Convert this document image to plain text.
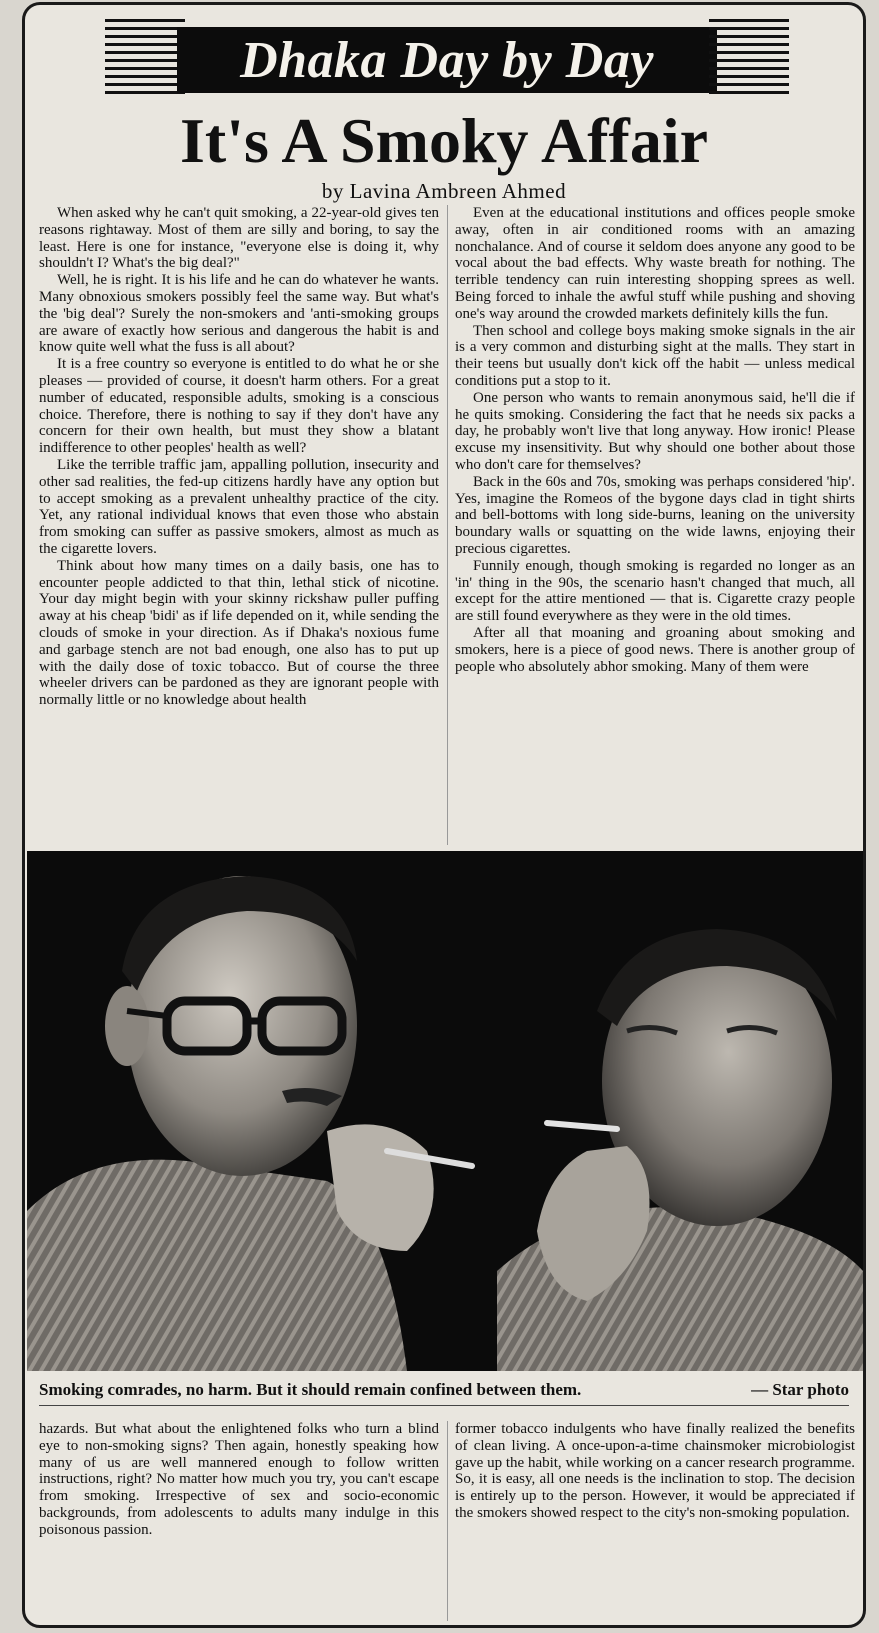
Dhaka Day by Day
It's A Smoky Affair
by Lavina Ambreen Ahmed

When asked why he can't quit smoking, a 22-year-old gives ten reasons rightaway. Most of them are silly and boring, to say the least. Here is one for instance, "everyone else is doing it, why shouldn't I? What's the big deal?"

Well, he is right. It is his life and he can do whatever he wants. Many obnoxious smokers possibly feel the same way. But what's the 'big deal'? Surely the non-smokers and 'anti-smoking groups are aware of exactly how serious and dangerous the habit is and know quite well what the fuss is all about?

It is a free country so everyone is entitled to do what he or she pleases — provided of course, it doesn't harm others. For a great number of educated, responsible adults, smoking is a conscious choice. Therefore, there is nothing to say if they don't have any concern for their own health, but must they show a blatant indifference to other peoples' health as well?

Like the terrible traffic jam, appalling pollution, insecurity and other sad realities, the fed-up citizens hardly have any option but to accept smoking as a prevalent unhealthy practice of the city. Yet, any rational individual knows that even those who abstain from smoking can suffer as passive smokers, almost as much as the cigarette lovers.

Think about how many times on a daily basis, one has to encounter people addicted to that thin, lethal stick of nicotine. Your day might begin with your skinny rickshaw puller puffing away at his cheap 'bidi' as if life depended on it, while sending the clouds of smoke in your direction. As if Dhaka's noxious fume and garbage stench are not bad enough, one also has to put up with the daily dose of toxic tobacco. But of course the three wheeler drivers can be pardoned as they are ignorant people with normally little or no knowledge about health

Even at the educational institutions and offices people smoke away, often in air conditioned rooms with an amazing nonchalance. And of course it seldom does anyone any good to be vocal about the bad effects. Why waste breath for nothing. The terrible tendency can ruin interesting shopping sprees as well. Being forced to inhale the awful stuff while pushing and shoving one's way around the crowded markets definitely kills the fun.

Then school and college boys making smoke signals in the air is a very common and disturbing sight at the malls. They start in their teens but usually don't kick off the habit — unless medical conditions put a stop to it.

One person who wants to remain anonymous said, he'll die if he quits smoking. Considering the fact that he needs six packs a day, he probably won't live that long anyway. How ironic! Please excuse my insensitivity. But why should one bother about those who don't care for themselves?

Back in the 60s and 70s, smoking was perhaps considered 'hip'. Yes, imagine the Romeos of the bygone days clad in tight shirts and bell-bottoms with long side-burns, leaning on the university boundary walls or squatting on the wide lawns, enjoying their precious cigarettes.

Funnily enough, though smoking is regarded no longer as an 'in' thing in the 90s, the scenario hasn't changed that much, all except for the attire mentioned — that is. Cigarette crazy people are still found everywhere as they were in the old times.

After all that moaning and groaning about smoking and smokers, here is a piece of good news. There is another group of people who absolutely abhor smoking. Many of them were

Smoking comrades, no harm. But it should remain confined between them.	— Star photo

hazards. But what about the enlightened folks who turn a blind eye to non-smoking signs? Then again, honestly speaking how many of us are well mannered enough to follow written instructions, right? No matter how much you try, you can't escape from smoking. Irrespective of sex and socio-economic backgrounds, from adolescents to adults many indulge in this poisonous passion.

former tobacco indulgents who have finally realized the benefits of clean living. A once-upon-a-time chainsmoker microbiologist gave up the habit, while working on a cancer research programme. So, it is easy, all one needs is the inclination to stop. The decision is entirely up to the person. However, it would be appreciated if the smokers showed respect to the city's non-smoking population.
